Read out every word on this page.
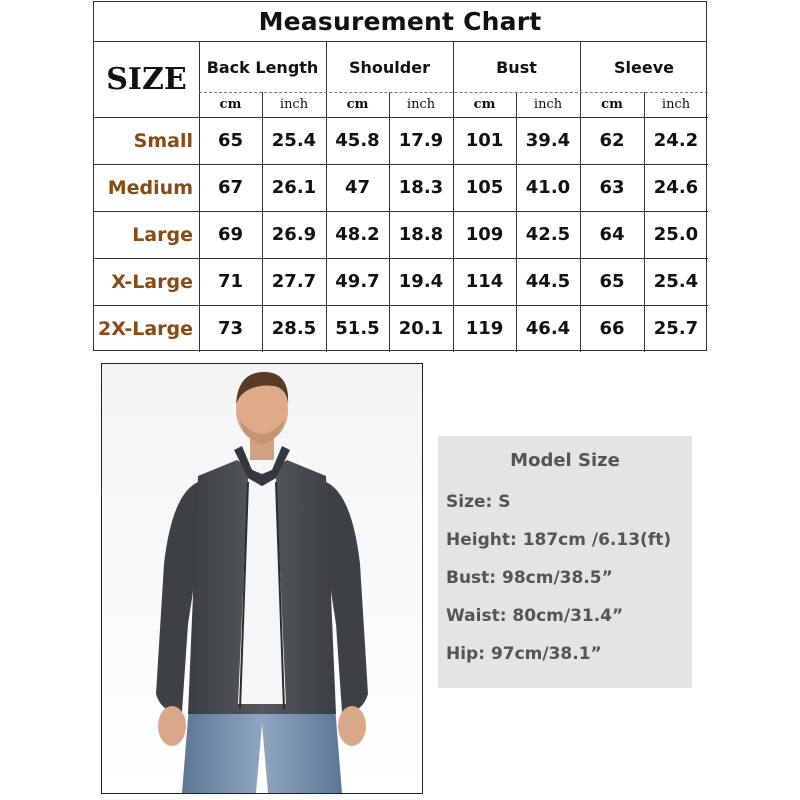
Measurement Chart
SIZE	Back Length	Shoulder	Bust	Sleeve
cm	inch	cm	inch	cm	inch	cm	inch
Small	65	25.4	45.8	17.9	101	39.4	62	24.2
Medium	67	26.1	47	18.3	105	41.0	63	24.6
Large	69	26.9	48.2	18.8	109	42.5	64	25.0
X-Large	71	27.7	49.7	19.4	114	44.5	65	25.4
2X-Large	73	28.5	51.5	20.1	119	46.4	66	25.7
Model Size
Size: S
Height: 187cm /6.13(ft)
Bust: 98cm/38.5”
Waist: 80cm/31.4”
Hip: 97cm/38.1”
